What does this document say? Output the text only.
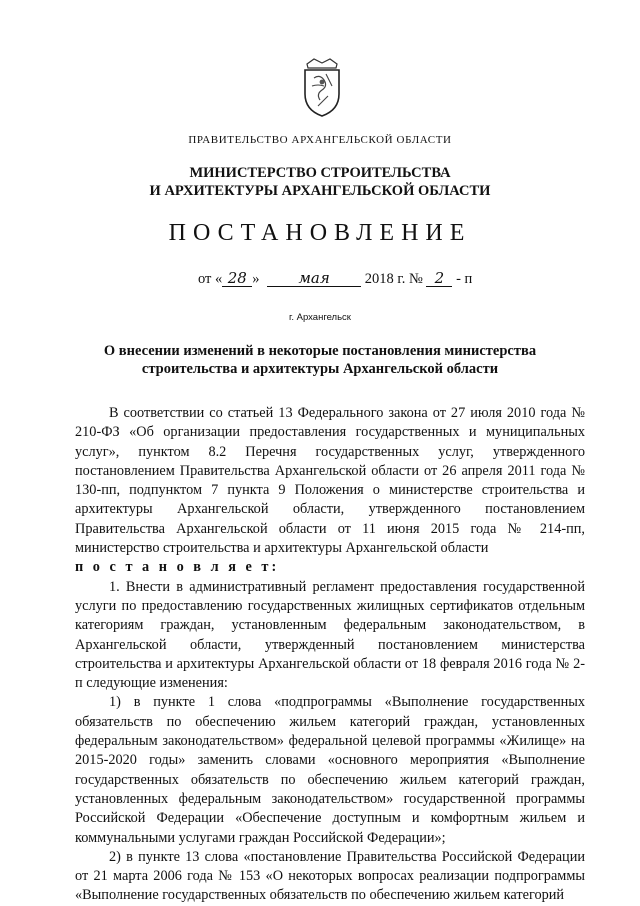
ПРАВИТЕЛЬСТВО АРХАНГЕЛЬСКОЙ ОБЛАСТИ
МИНИСТЕРСТВО СТРОИТЕЛЬСТВА
И АРХИТЕКТУРЫ АРХАНГЕЛЬСКОЙ ОБЛАСТИ
ПОСТАНОВЛЕНИЕ
от « 28 »	мая 2018 г. № 2 - п
г. Архангельск
О внесении изменений в некоторые постановления министерства строительства и архитектуры Архангельской области

В соответствии со статьей 13 Федерального закона от 27 июля 2010 года № 210-ФЗ «Об организации предоставления государственных и муниципальных услуг», пунктом 8.2 Перечня государственных услуг, утвержденного постановлением Правительства Архангельской области от 26 апреля 2011 года № 130-пп, подпунктом 7 пункта 9 Положения о министерстве строительства и архитектуры Архангельской области, утвержденного постановлением Правительства Архангельской области от 11 июня 2015 года № 214-пп, министерство строительства и архитектуры Архангельской области

п о с т а н о в л я е т:

1. Внести в административный регламент предоставления государственной услуги по предоставлению государственных жилищных сертификатов отдельным категориям граждан, установленным федеральным законодательством, в Архангельской области, утвержденный постановлением министерства строительства и архитектуры Архангельской области от 18 февраля 2016 года № 2-п следующие изменения:

1) в пункте 1 слова «подпрограммы «Выполнение государственных обязательств по обеспечению жильем категорий граждан, установленных федеральным законодательством» федеральной целевой программы «Жилище» на 2015-2020 годы» заменить словами «основного мероприятия «Выполнение государственных обязательств по обеспечению жильем категорий граждан, установленных федеральным законодательством» государственной программы Российской Федерации «Обеспечение доступным и комфортным жильем и коммунальными услугами граждан Российской Федерации»;

2) в пункте 13 слова «постановление Правительства Российской Федерации от 21 марта 2006 года № 153 «О некоторых вопросах реализации подпрограммы «Выполнение государственных обязательств по обеспечению жильем категорий
